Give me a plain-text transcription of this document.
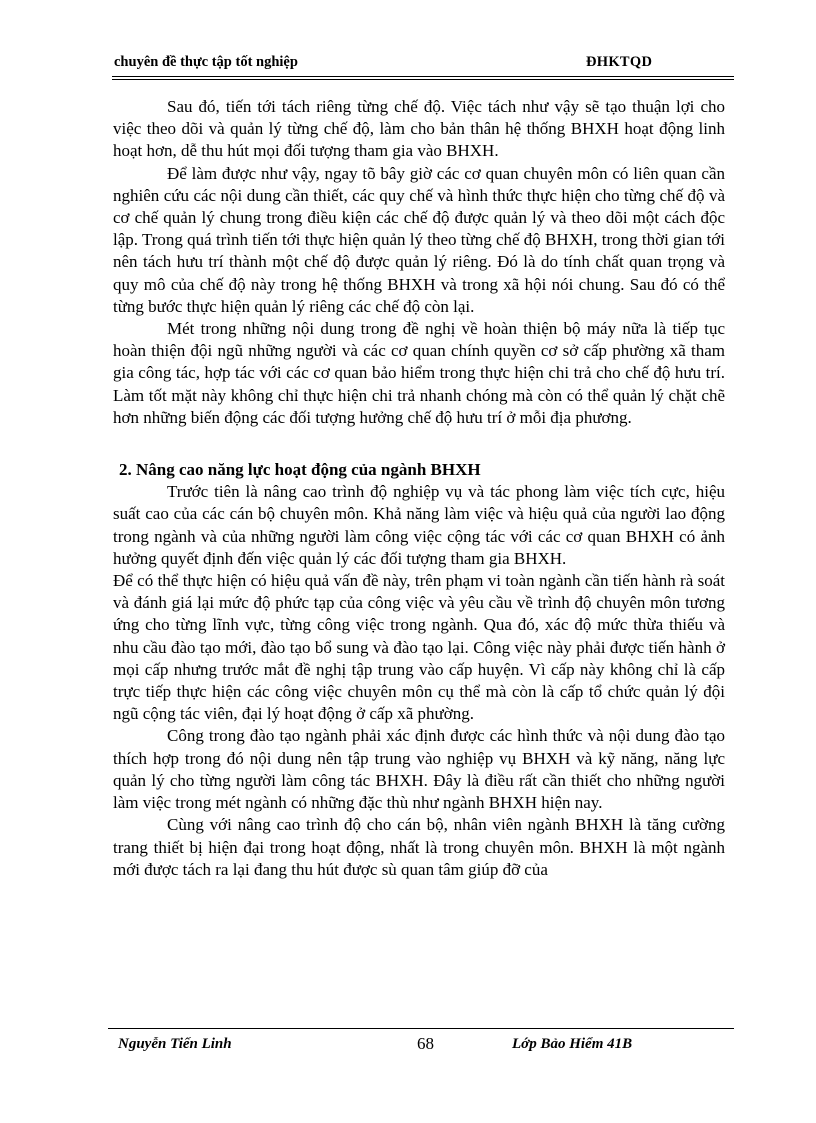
chuyên đề thực tập tốt nghiệp	ĐHKTQD

Sau đó, tiến tới tách riêng từng chế độ. Việc tách như vậy sẽ tạo thuận lợi cho việc theo dõi và quản lý từng chế độ, làm cho bản thân hệ thống BHXH hoạt động linh hoạt hơn, dễ thu hút mọi đối tượng tham gia vào BHXH.

Để làm được như vậy, ngay tõ bây giờ các cơ quan chuyên môn có liên quan cần nghiên cứu các nội dung cần thiết, các quy chế và hình thức thực hiện cho từng chế độ và cơ chế quản lý chung trong điều kiện các chế độ được quản lý và theo dõi một cách độc lập. Trong quá trình tiến tới thực hiện quản lý theo từng chế độ BHXH, trong thời gian tới nên tách hưu trí thành một chế độ được quản lý riêng. Đó là do tính chất quan trọng và quy mô của chế độ này trong hệ thống BHXH và trong xã hội nói chung. Sau đó có thể từng bước thực hiện quản lý riêng các chế độ còn lại.

Mét trong những nội dung trong đề nghị về hoàn thiện bộ máy nữa là tiếp tục hoàn thiện đội ngũ những người và các cơ quan chính quyền cơ sở cấp phường xã tham gia công tác, hợp tác với các cơ quan bảo hiểm trong thực hiện chi trả cho chế độ hưu trí. Làm tốt mặt này không chỉ thực hiện chi trả nhanh chóng mà còn có thể quản lý chặt chẽ hơn những biến động các đối tượng hưởng chế độ hưu trí ở mỗi địa phương.

2. Nâng cao năng lực hoạt động của ngành BHXH

Trước tiên là nâng cao trình độ nghiệp vụ và tác phong làm việc tích cực, hiệu suất cao của các cán bộ chuyên môn. Khả năng làm việc và hiệu quả của người lao động trong ngành và của những người làm công việc cộng tác với các cơ quan BHXH có ảnh hưởng quyết định đến việc quản lý các đối tượng tham gia BHXH.

Để có thể thực hiện có hiệu quả vấn đề này, trên phạm vi toàn ngành cần tiến hành rà soát và đánh giá lại mức độ phức tạp của công việc và yêu cầu về trình độ chuyên môn tương ứng cho từng lĩnh vực, từng công việc trong ngành. Qua đó, xác độ mức thừa thiếu và nhu cầu đào tạo mới, đào tạo bổ sung và đào tạo lại. Công việc này phải được tiến hành ở mọi cấp nhưng trước mắt đề nghị tập trung vào cấp huyện. Vì cấp này không chỉ là cấp trực tiếp thực hiện các công việc chuyên môn cụ thể mà còn là cấp tổ chức quản lý đội ngũ cộng tác viên, đại lý hoạt động ở cấp xã phường.

Công trong đào tạo ngành phải xác định được các hình thức và nội dung đào tạo thích hợp trong đó nội dung nên tập trung vào nghiệp vụ BHXH và kỹ năng, năng lực quản lý cho từng người làm công tác BHXH. Đây là điều rất cần thiết cho những người làm việc trong mét ngành có những đặc thù như ngành BHXH hiện nay.

Cùng với nâng cao trình độ cho cán bộ, nhân viên ngành BHXH là tăng cường trang thiết bị hiện đại trong hoạt động, nhất là trong chuyên môn. BHXH là một ngành mới được tách ra lại đang thu hút được sù quan tâm giúp đỡ của

Nguyễn Tiến Linh	68	Lớp Bảo Hiểm 41B
